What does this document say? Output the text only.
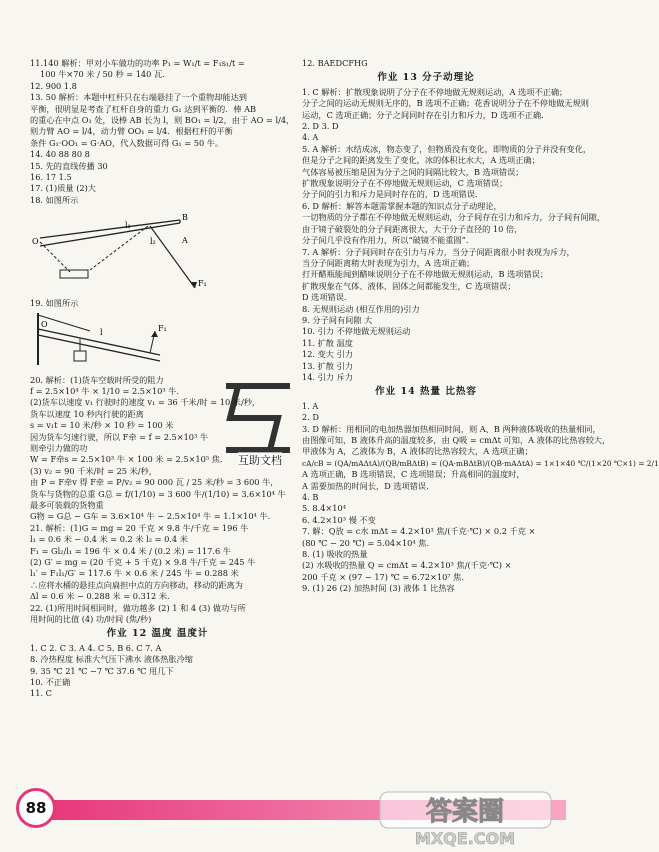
11.140 解析：甲对小车做功的功率 P₁ = W₁/t = F₁s₁/t =
100 牛×70 米 / 50 秒 = 140 瓦.
12. 900 1.8
13. 50 解析：本题中杠杆只在右端悬挂了一个重物却能达到
平衡，很明显是考查了杠杆自身的重力 G₁ 达到平衡的．棒 AB
的重心在中点 O₁ 处，设棒 AB 长为 l，则 BO₁ = l/2，由于 AO = l/4，
则力臂 AO = l/4，动力臂 OO₁ = l/4．根据杠杆的平衡
条件 G₁·OO₁ = G·AO，代入数据可得 G₁ = 50 牛。
14. 40 88 80 8
15. 先的直线传播 30
16. 17 1.5
17. (1)质量 (2)大
18. 如图所示
l₁
l₂
O	A
B
F₁
19. 如图所示
O	F₁
l
20. 解析：(1)货车空载时所受的阻力
f = 2.5×10⁴ 牛 × 1/10 = 2.5×10³ 牛.
(2)货车以速度 v₁ 行驶时的速度 v₁ = 36 千米/时 = 10 米/秒，
货车以速度 10 秒内行驶的距离
s = v₁t = 10 米/秒 × 10 秒 = 100 米
因为货车匀速行驶，所以 F牵 = f = 2.5×10³ 牛
则牵引力做的功
W = F牵s = 2.5×10³ 牛 × 100 米 = 2.5×10⁵ 焦.
(3) v₂ = 90 千米/时 = 25 米/秒，
由 P = F牵v 得 F牵 = P/v₂ = 90 000 瓦 / 25 米/秒 = 3 600 牛，
货车与货物的总重 G总 = f/(1/10) = 3 600 牛/(1/10) = 3.6×10⁴ 牛
最多可装载的货物重
G物 = G总 − G车 = 3.6×10⁴ 牛 − 2.5×10⁴ 牛 = 1.1×10⁴ 牛.
21. 解析：(1)G = mg = 20 千克 × 9.8 牛/千克 = 196 牛
l₁ = 0.6 米 − 0.4 米 = 0.2 米 l₂ = 0.4 米
F₁ = Gl₂/l₁ = 196 牛 × 0.4 米 / (0.2 米) = 117.6 牛
(2) G′ = mg = (20 千克 + 5 千克) × 9.8 牛/千克 = 245 牛
l₁′ = F₁l₁/G′ = 117.6 牛 × 0.6 米 / 245 牛 = 0.288 米
∴应将水桶的悬挂点向扁担中点的方向移动，移动的距离为
Δl = 0.6 米 − 0.288 米 = 0.312 米.
22. (1)所用时间相同时，做功越多 (2) 1 和 4 (3) 做功与所
用时间的比值 (4) 功/时间 (焦/秒)
作业 12 温度 温度计
1. C 2. C 3. A 4. C 5. B 6. C 7. A
8. 冷热程度 标准大气压下沸水 液体热胀冷缩
9. 35 ℃ 21 ℃ −7 ℃ 37.6 ℃ 用几下
10. 不正确
11. C
12. BAEDCFHG
作业 13 分子动理论
1. C 解析：扩散现象说明了分子在不停地做无规则运动，A 选项不正确；
分子之间的运动无规则无序的，B 选项不正确；花香说明分子在不停地做无规则
运动，C 选项正确；分子之间同时存在引力和斥力，D 选项不正确.
2. D 3. D
4. A
5. A 解析：水结成冰，物态变了，但物质没有变化，即物质的分子并没有变化，
但是分子之间的距离发生了变化，冰的体积比水大，A 选项正确；
气体容易被压缩是因为分子之间的间隔比较大，B 选项错误；
扩散现象说明分子在不停地做无规则运动，C 选项错误；
分子间的引力和斥力是同时存在的，D 选项错误.
6. D 解析：解答本题需掌握本题的知识点分子动理论，
一切物质的分子都在不停地做无规则运动，分子间存在引力和斥力，分子间有间隙，
由于镜子破裂处的分子间距离很大，大于分子直径的 10 倍，
分子间几乎没有作用力，所以“破镜不能重圆”.
7. A 解析：分子间同时存在引力与斥力，当分子间距离很小时表现为斥力，
当分子间距离稍大时表现为引力，A 选项正确；
打开醋瓶能闻到醋味说明分子在不停地做无规则运动，B 选项错误；
扩散现象在气体、液体、固体之间都能发生，C 选项错误；
D 选项错误.
8. 无规则运动 (相互作用的)引力
9. 分子间有间隙 大
10. 引力 不停地做无规则运动
11. 扩散 温度
12. 变大 引力
13. 扩散 引力
14. 引力 斥力
作业 14 热量 比热容
1. A
2. D
3. D 解析：用相同的电加热器加热相同时间，则 A、B 两种液体吸收的热量相同，
由图像可知，B 液体升高的温度较多，由 Q吸 = cmΔt 可知，A 液体的比热容较大，
甲液体为 A，乙液体为 B，A 液体的比热容较大，A 选项正确；
cA/cB = (QA/mAΔtA)/(QB/mBΔtB) = (QA·mBΔtB)/(QB·mAΔtA) = 1×1×40 ℃/(1×20 ℃×1) = 2/1
A 选项正确，B 选项错误，C 选项错误；升高相同的温度时，
A 需要加热的时间长，D 选项错误.
4. B
5. 8.4×10⁴
6. 4.2×10³ 慢 不变
7. 解：Q放 = c水 mΔt = 4.2×10³ 焦/(千克·℃) × 0.2 千克 ×
(80 ℃ − 20 ℃) = 5.04×10⁴ 焦.
8. (1) 吸收的热量
(2) 水吸收的热量 Q = cmΔt = 4.2×10³ 焦/(千克·℃) ×
200 千克 × (97 − 17) ℃ = 6.72×10⁷ 焦.
9. (1) 26 (2) 加热时间 (3) 液体 1 比热容
互助文档
88	答案圈
MXQE.COM
